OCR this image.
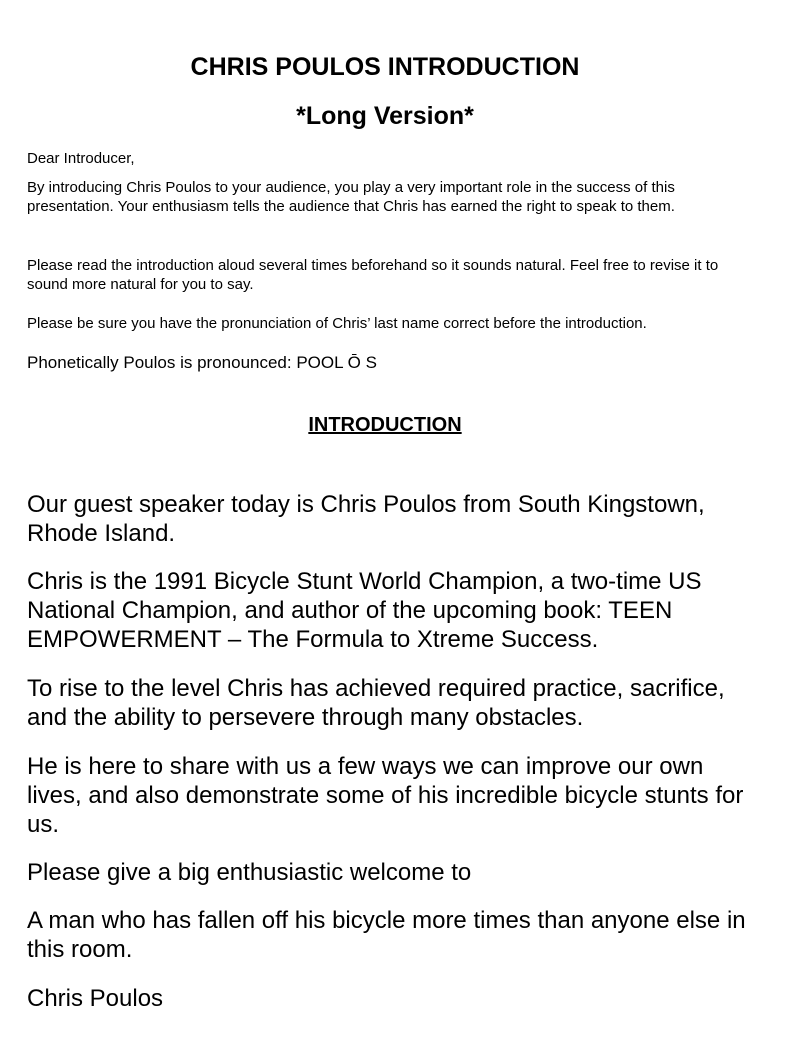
CHRIS POULOS INTRODUCTION
*Long Version*

Dear Introducer,

By introducing Chris Poulos to your audience, you play a very important role in the success of this presentation. Your enthusiasm tells the audience that Chris has earned the right to speak to them.

Please read the introduction aloud several times beforehand so it sounds natural. Feel free to revise it to sound more natural for you to say.

Please be sure you have the pronunciation of Chris’ last name correct before the introduction.

Phonetically Poulos is pronounced: POOL Ō S

INTRODUCTION

Our guest speaker today is Chris Poulos from South Kingstown, Rhode Island.

Chris is the 1991 Bicycle Stunt World Champion, a two-time US National Champion, and author of the upcoming book: TEEN EMPOWERMENT – The Formula to Xtreme Success.

To rise to the level Chris has achieved required practice, sacrifice, and the ability to persevere through many obstacles.

He is here to share with us a few ways we can improve our own lives, and also demonstrate some of his incredible bicycle stunts for us.

Please give a big enthusiastic welcome to

A man who has fallen off his bicycle more times than anyone else in this room.

Chris Poulos
